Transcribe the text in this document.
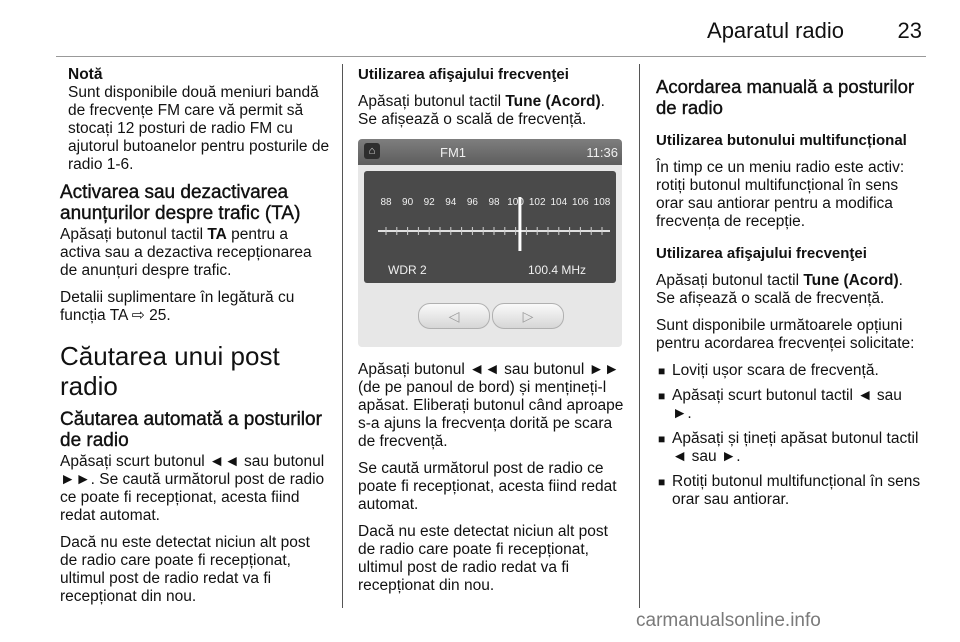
Aparatul radio 23
Notă
Sunt disponibile două meniuri bandă de frecvențe FM care vă permit să stocați 12 posturi de radio FM cu ajutorul butoanelor pentru posturile de radio 1-6.
Activarea sau dezactivarea anunțurilor despre trafic (TA)

Apăsați butonul tactil TA pentru a activa sau a dezactiva recepționarea de anunțuri despre trafic.

Detalii suplimentare în legătură cu funcția TA ⇨ 25.

Căutarea unui post radio
Căutarea automată a posturilor de radio

Apăsați scurt butonul ◄◄ sau butonul ►►. Se caută următorul post de radio ce poate fi recepționat, acesta fiind redat automat.

Dacă nu este detectat niciun alt post de radio care poate fi recepționat, ultimul post de radio redat va fi recepționat din nou.

Utilizarea afişajului frecvenţei

Apăsați butonul tactil Tune (Acord). Se afișează o scală de frecvență.

⌂	FM1	11:36
88 90 92 94 96 98 100 102 104 106 108
WDR 2	100.4 MHz
◁	▷

Apăsați butonul ◄◄ sau butonul ►► (de pe panoul de bord) și mențineți-l apăsat. Eliberați butonul când aproape s-a ajuns la frecvența dorită pe scara de frecvență.

Se caută următorul post de radio ce poate fi recepționat, acesta fiind redat automat.

Dacă nu este detectat niciun alt post de radio care poate fi recepționat, ultimul post de radio redat va fi recepționat din nou.

Acordarea manuală a posturilor de radio

Utilizarea butonului multifuncțional

În timp ce un meniu radio este activ: rotiți butonul multifuncțional în sens orar sau antiorar pentru a modifica frecvența de recepție.

Utilizarea afişajului frecvenţei

Apăsați butonul tactil Tune (Acord). Se afișează o scală de frecvență.

Sunt disponibile următoarele opțiuni pentru acordarea frecvenței solicitate:

■ Loviți ușor scara de frecvență.
■ Apăsați scurt butonul tactil ◄ sau ►.
■ Apăsați și țineți apăsat butonul tactil ◄ sau ►.
■ Rotiți butonul multifuncțional în sens orar sau antiorar.
carmanualsonline.info
